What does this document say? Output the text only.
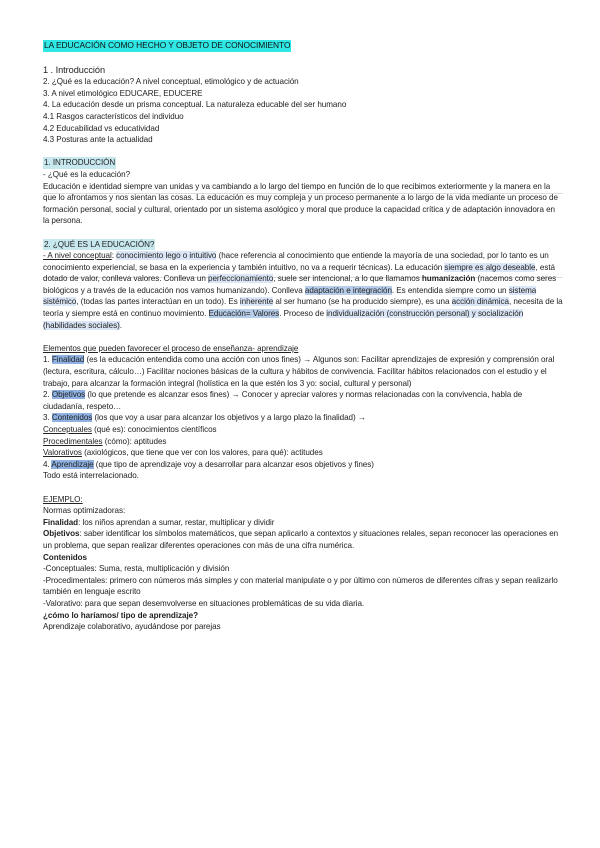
LA EDUCACIÓN COMO HECHO Y OBJETO DE CONOCIMIENTO

1 . Introducción

2. ¿Qué es la educación? A nivel conceptual, etimológico y de actuación

3. A nivel etimológico EDUCARE, EDUCERE

4. La educación desde un prisma conceptual. La naturaleza educable del ser humano

4.1 Rasgos característicos del individuo

4.2 Educabilidad vs educatividad

4.3 Posturas ante la actualidad

1. INTRODUCCIÓN

- ¿Qué es la educación?

Educación e identidad siempre van unidas y va cambiando a lo largo del tiempo en función de lo que recibimos exteriormente y la manera en la que lo afrontamos y nos sientan las cosas. La educación es muy compleja y un proceso permanente a lo largo de la vida mediante un proceso de formación personal, social y cultural, orientado por un sistema asológico y moral que produce la capacidad crítica y de adaptación innovadora en la persona.

2. ¿QUÉ ES LA EDUCACIÓN?

- A nivel conceptual: conocimiento lego o intuitivo (hace referencia al conocimiento que entiende la mayoría de una sociedad, por lo tanto es un conocimiento experiencial, se basa en la experiencia y también intuitivo, no va a requerir técnicas). La educación siempre es algo deseable, está dotado de valor, conlleva valores. Conlleva un perfeccionamiento, suele ser intencional, a lo que llamamos humanización (nacemos como seres biológicos y a través de la educación nos vamos humanizando). Conlleva adaptación e integración. Es entendida siempre como un sistema sistémico, (todas las partes interactúan en un todo). Es inherente al ser humano (se ha producido siempre), es una acción dinámica, necesita de la teoría y siempre está en continuo movimiento. Educación= Valores. Proceso de individualización (construcción personal) y socialización (habilidades sociales).

Elementos que pueden favorecer el proceso de enseñanza- aprendizaje

1. Finalidad (es la educación entendida como una acción con unos fines) → Algunos son: Facilitar aprendizajes de expresión y comprensión oral (lectura, escritura, cálculo…) Facilitar nociones básicas de la cultura y hábitos de convivencia. Facilitar hábitos relacionados con el estudio y el trabajo, para alcanzar la formación integral (holística en la que estén los 3 yo: social, cultural y personal)

2. Objetivos (lo que pretende es alcanzar esos fines) → Conocer y apreciar valores y normas relacionadas con la convivencia, habla de ciudadanía, respeto…

3. Contenidos (los que voy a usar para alcanzar los objetivos y a largo plazo la finalidad) →

Conceptuales (qué es): conocimientos científicos

Procedimentales (cómo): aptitudes

Valorativos (axiológicos, que tiene que ver con los valores, para qué): actitudes

4. Aprendizaje (que tipo de aprendizaje voy a desarrollar para alcanzar esos objetivos y fines)

Todo está interrelacionado.

EJEMPLO:

Normas optimizadoras:

Finalidad: los niños aprendan a sumar, restar, multiplicar y dividir

Objetivos: saber identificar los símbolos matemáticos, que sepan aplicarlo a contextos y situaciones relales, sepan reconocer las operaciones en un problema, que sepan realizar diferentes operaciones con más de una cifra numérica.

Contenidos

-Conceptuales: Suma, resta, multiplicación y división

-Procedimentales: primero con números más simples y con material manipulate o y por último con números de diferentes cifras y sepan realizarlo también en lenguaje escrito

-Valorativo: para que sepan desemvolverse en situaciones problemáticas de su vida diaria.

¿cómo lo haríamos/ tipo de aprendizaje?

Aprendizaje colaborativo, ayudándose por parejas
